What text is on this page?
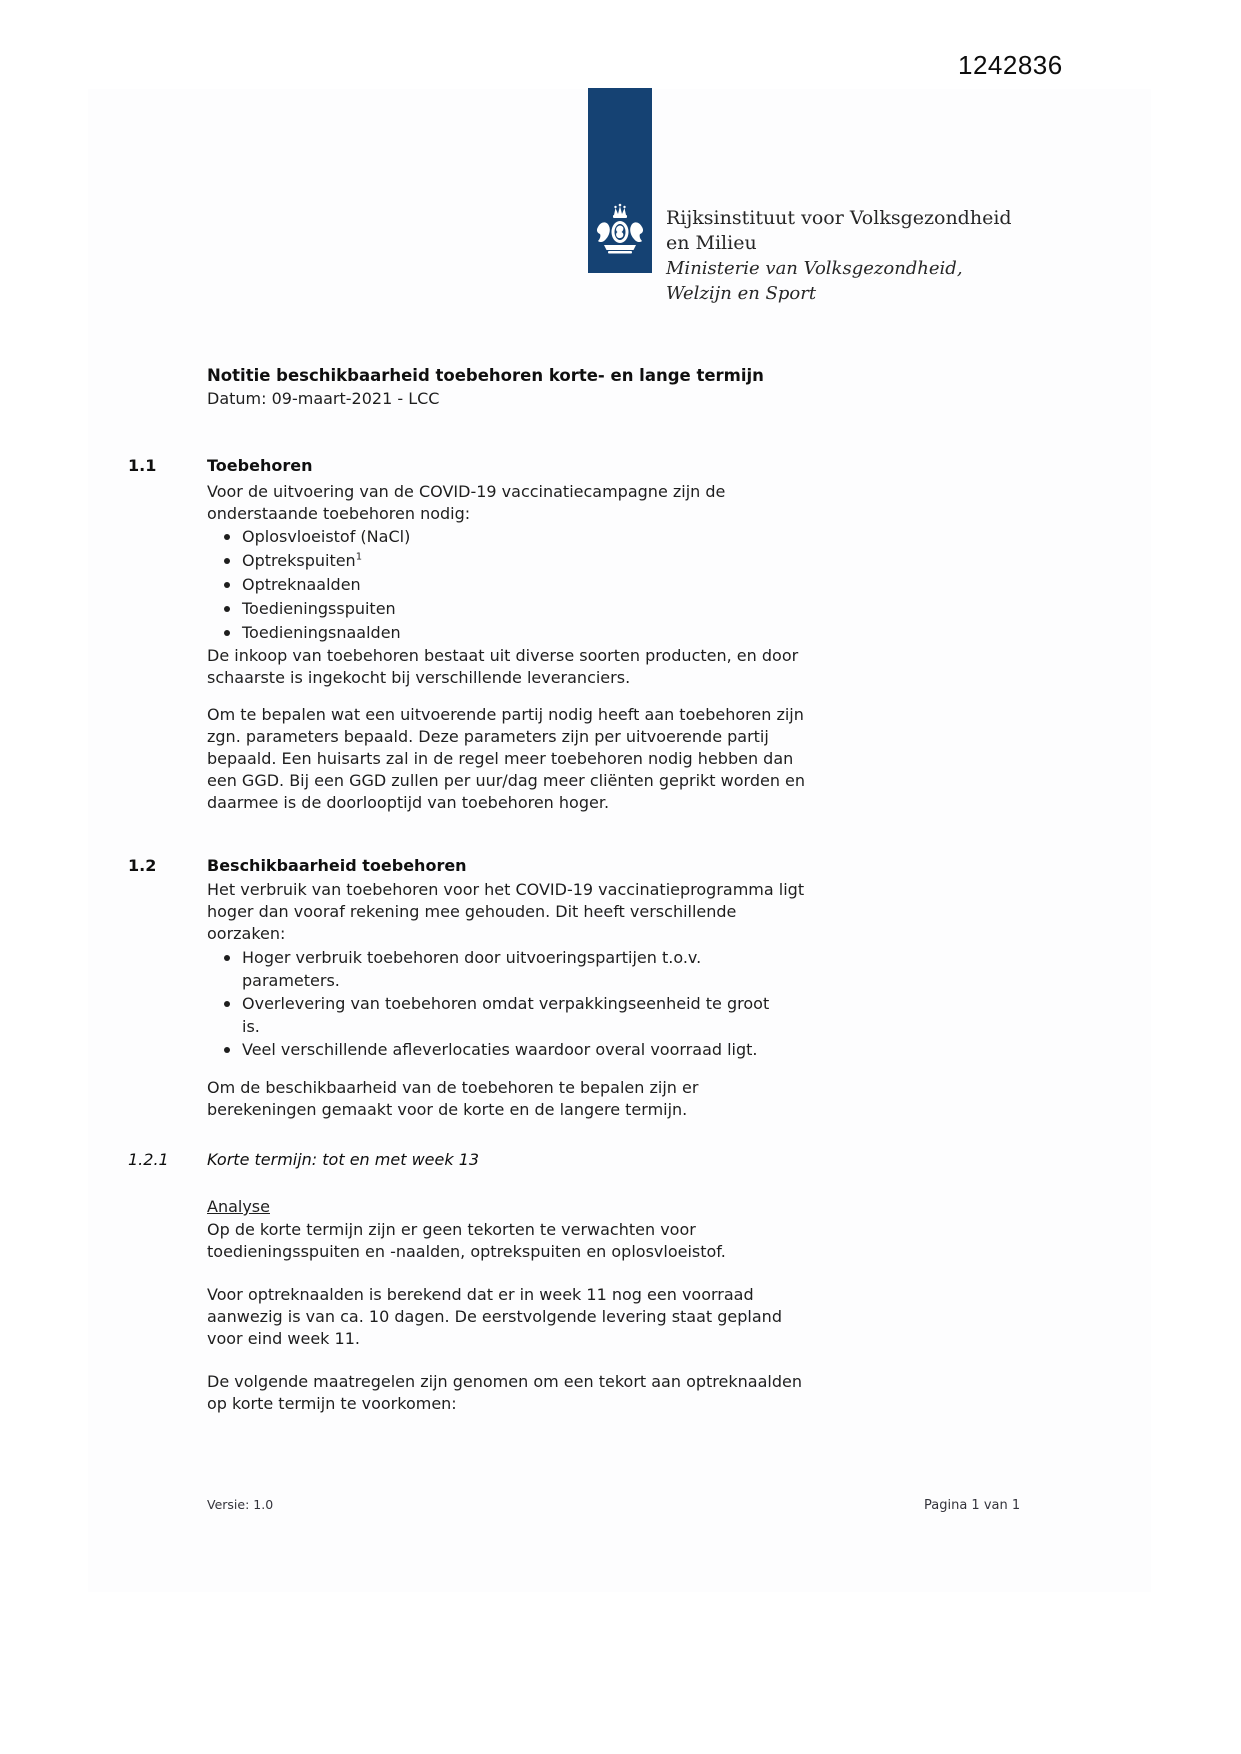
1242836
Rijksinstituut voor Volksgezondheid
en Milieu
Ministerie van Volksgezondheid,
Welzijn en Sport
Notitie beschikbaarheid toebehoren korte- en lange termijn
Datum: 09-maart-2021 - LCC
1.1	Toebehoren
Voor de uitvoering van de COVID-19 vaccinatiecampagne zijn de
onderstaande toebehoren nodig:
Oplosvloeistof (NaCl)
Optrekspuiten$^1$
Optreknaalden
Toedieningsspuiten
Toedieningsnaalden
De inkoop van toebehoren bestaat uit diverse soorten producten, en door
schaarste is ingekocht bij verschillende leveranciers.
Om te bepalen wat een uitvoerende partij nodig heeft aan toebehoren zijn
zgn. parameters bepaald. Deze parameters zijn per uitvoerende partij
bepaald. Een huisarts zal in de regel meer toebehoren nodig hebben dan
een GGD. Bij een GGD zullen per uur/dag meer cliënten geprikt worden en
daarmee is de doorlooptijd van toebehoren hoger.
1.2	Beschikbaarheid toebehoren
Het verbruik van toebehoren voor het COVID-19 vaccinatieprogramma ligt
hoger dan vooraf rekening mee gehouden. Dit heeft verschillende
oorzaken:
Hoger verbruik toebehoren door uitvoeringspartijen t.o.v.
parameters.
Overlevering van toebehoren omdat verpakkingseenheid te groot
is.
Veel verschillende afleverlocaties waardoor overal voorraad ligt.
Om de beschikbaarheid van de toebehoren te bepalen zijn er
berekeningen gemaakt voor de korte en de langere termijn.
1.2.1	Korte termijn: tot en met week 13
Analyse
Op de korte termijn zijn er geen tekorten te verwachten voor
toedieningsspuiten en -naalden, optrekspuiten en oplosvloeistof.
Voor optreknaalden is berekend dat er in week 11 nog een voorraad
aanwezig is van ca. 10 dagen. De eerstvolgende levering staat gepland
voor eind week 11.
De volgende maatregelen zijn genomen om een tekort aan optreknaalden
op korte termijn te voorkomen:
Versie: 1.0	Pagina 1 van 1
